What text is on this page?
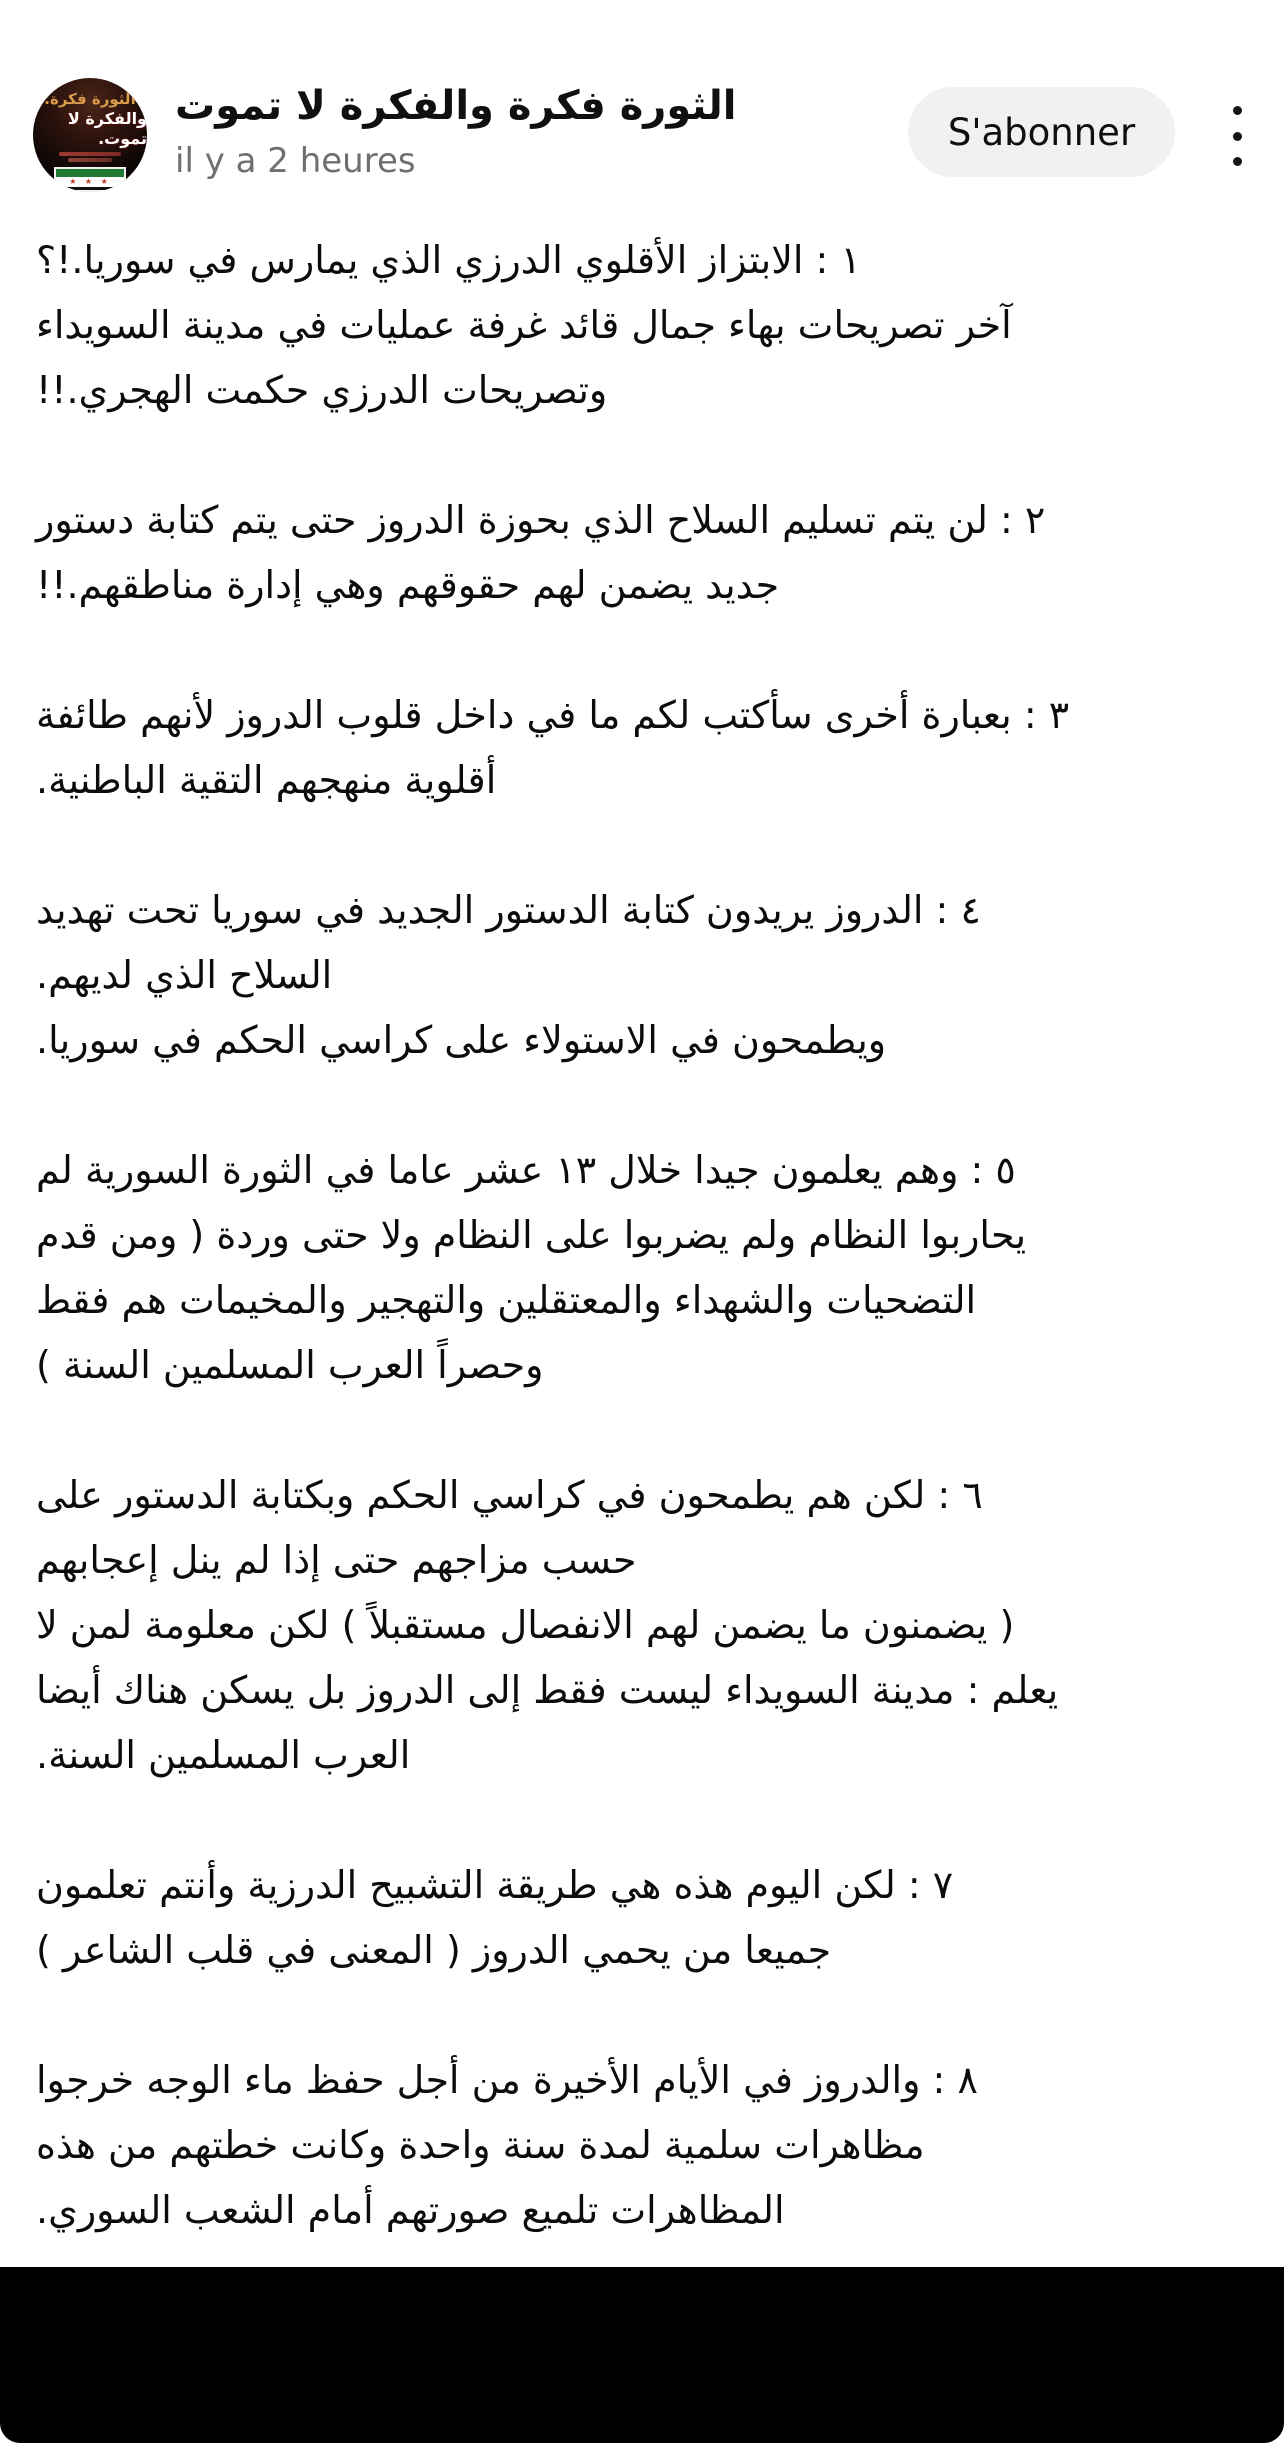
الثورة فكرة.
والفكرة لا تموت.
★ ★ ★
الثورة فكرة والفكرة لا تموت
il y a 2 heures
S'abonner
١ : الابتزاز الأقلوي الدرزي الذي يمارس في سوريا.!؟
آخر تصريحات بهاء جمال قائد غرفة عمليات في مدينة السويداء
وتصريحات الدرزي حكمت الهجري.!!
٢ : لن يتم تسليم السلاح الذي بحوزة الدروز حتى يتم كتابة دستور
جديد يضمن لهم حقوقهم وهي إدارة مناطقهم.!!
٣ : بعبارة أخرى سأكتب لكم ما في داخل قلوب الدروز لأنهم طائفة
أقلوية منهجهم التقية الباطنية.
٤ : الدروز يريدون كتابة الدستور الجديد في سوريا تحت تهديد
السلاح الذي لديهم.
ويطمحون في الاستولاء على كراسي الحكم في سوريا.
٥ : وهم يعلمون جيدا خلال ١٣ عشر عاما في الثورة السورية لم
يحاربوا النظام ولم يضربوا على النظام ولا حتى وردة ( ومن قدم
التضحيات والشهداء والمعتقلين والتهجير والمخيمات هم فقط
وحصراً العرب المسلمين السنة )
٦ : لكن هم يطمحون في كراسي الحكم وبكتابة الدستور على
حسب مزاجهم حتى إذا لم ينل إعجابهم
( يضمنون ما يضمن لهم الانفصال مستقبلاً ) لكن معلومة لمن لا
يعلم : مدينة السويداء ليست فقط إلى الدروز بل يسكن هناك أيضا
العرب المسلمين السنة.
٧ : لكن اليوم هذه هي طريقة التشبيح الدرزية وأنتم تعلمون
جميعا من يحمي الدروز ( المعنى في قلب الشاعر )
٨ : والدروز في الأيام الأخيرة من أجل حفظ ماء الوجه خرجوا
مظاهرات سلمية لمدة سنة واحدة وكانت خطتهم من هذه
المظاهرات تلميع صورتهم أمام الشعب السوري.
